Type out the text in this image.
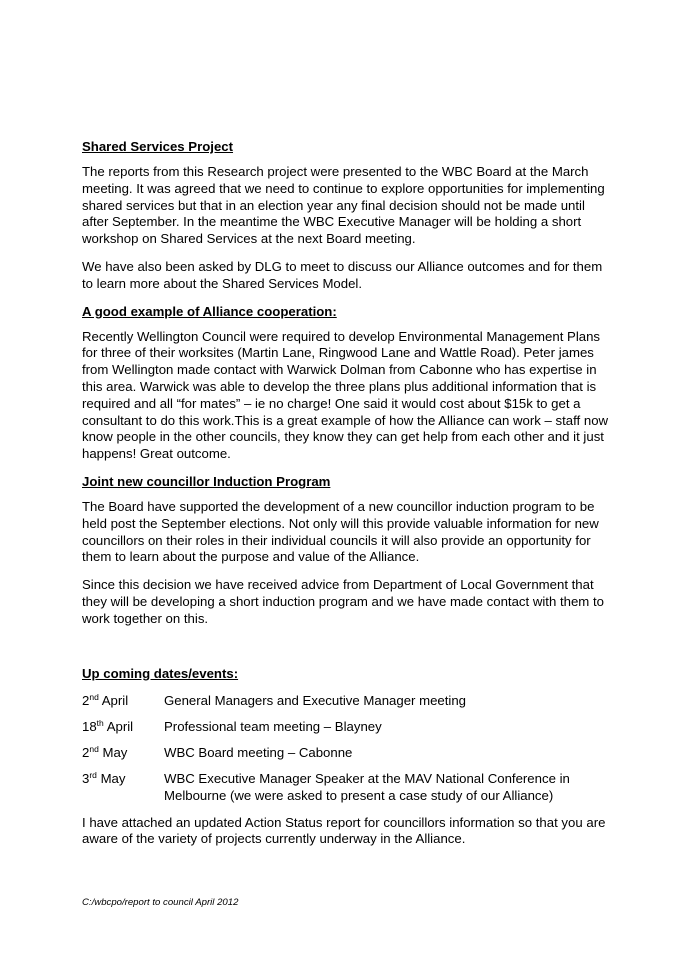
Shared Services Project

The reports from this Research project were presented to the WBC Board at the March meeting. It was agreed that we need to continue to explore opportunities for implementing shared services but that in an election year any final decision should not be made until after September. In the meantime the WBC Executive Manager will be holding a short workshop on Shared Services at the next Board meeting.

We have also been asked by DLG to meet to discuss our Alliance outcomes and for them to learn more about the Shared Services Model.

A good example of Alliance cooperation:

Recently Wellington Council were required to develop Environmental Management Plans for three of their worksites (Martin Lane, Ringwood Lane and Wattle Road). Peter james from Wellington made contact with Warwick Dolman from Cabonne who has expertise in this area. Warwick was able to develop the three plans plus additional information that is required and all “for mates” – ie no charge! One said it would cost about $15k to get a consultant to do this work.This is a great example of how the Alliance can work – staff now know people in the other councils, they know they can get help from each other and it just happens! Great outcome.

Joint new councillor Induction Program

The Board have supported the development of a new councillor induction program to be held post the September elections. Not only will this provide valuable information for new councillors on their roles in their individual councils it will also provide an opportunity for them to learn about the purpose and value of the Alliance.

Since this decision we have received advice from Department of Local Government that they will be developing a short induction program and we have made contact with them to work together on this.

Up coming dates/events:
2nd April	General Managers and Executive Manager meeting
18th April	Professional team meeting – Blayney
2nd May	WBC Board meeting – Cabonne
3rd May	WBC Executive Manager Speaker at the MAV National Conference in Melbourne (we were asked to present a case study of our Alliance)

I have attached an updated Action Status report for councillors information so that you are aware of the variety of projects currently underway in the Alliance.

C:/wbcpo/report to council April 2012
